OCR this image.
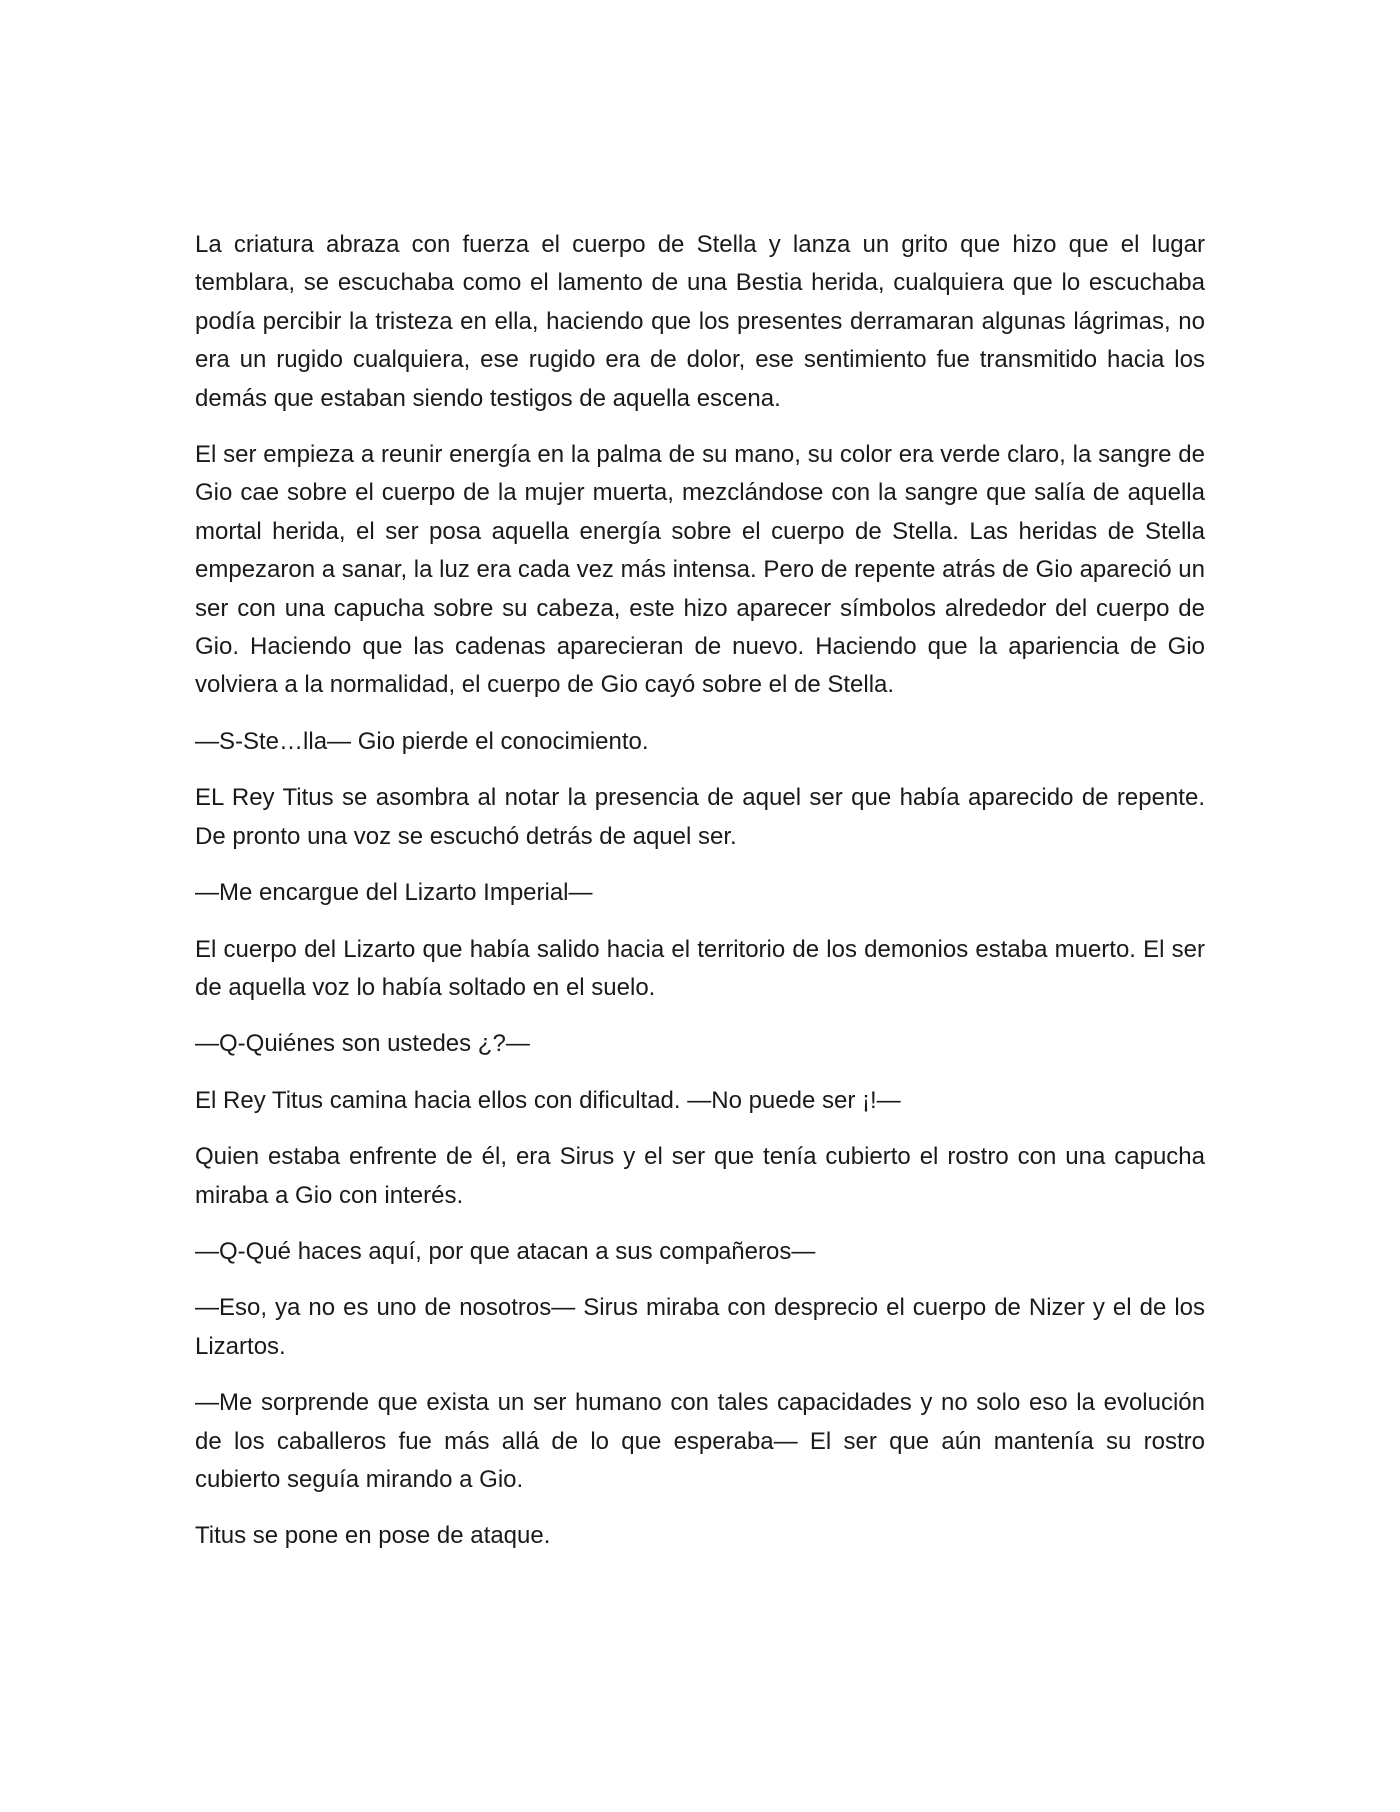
La criatura abraza con fuerza el cuerpo de Stella y lanza un grito que hizo que el lugar temblara, se escuchaba como el lamento de una Bestia herida, cualquiera que lo escuchaba podía percibir la tristeza en ella, haciendo que los presentes derramaran algunas lágrimas, no era un rugido cualquiera, ese rugido era de dolor, ese sentimiento fue transmitido hacia los demás que estaban siendo testigos de aquella escena.

El ser empieza a reunir energía en la palma de su mano, su color era verde claro, la sangre de Gio cae sobre el cuerpo de la mujer muerta, mezclándose con la sangre que salía de aquella mortal herida, el ser posa aquella energía sobre el cuerpo de Stella. Las heridas de Stella empezaron a sanar, la luz era cada vez más intensa. Pero de repente atrás de Gio apareció un ser con una capucha sobre su cabeza, este hizo aparecer símbolos alrededor del cuerpo de Gio. Haciendo que las cadenas aparecieran de nuevo. Haciendo que la apariencia de Gio volviera a la normalidad, el cuerpo de Gio cayó sobre el de Stella.

—S-Ste…lla— Gio pierde el conocimiento.

EL Rey Titus se asombra al notar la presencia de aquel ser que había aparecido de repente. De pronto una voz se escuchó detrás de aquel ser.

—Me encargue del Lizarto Imperial—

El cuerpo del Lizarto que había salido hacia el territorio de los demonios estaba muerto. El ser de aquella voz lo había soltado en el suelo.

—Q-Quiénes son ustedes ¿?—

El Rey Titus camina hacia ellos con dificultad. —No puede ser ¡!—

Quien estaba enfrente de él, era Sirus y el ser que tenía cubierto el rostro con una capucha miraba a Gio con interés.

—Q-Qué haces aquí, por que atacan a sus compañeros—

—Eso, ya no es uno de nosotros— Sirus miraba con desprecio el cuerpo de Nizer y el de los Lizartos.

—Me sorprende que exista un ser humano con tales capacidades y no solo eso la evolución de los caballeros fue más allá de lo que esperaba— El ser que aún mantenía su rostro cubierto seguía mirando a Gio.

Titus se pone en pose de ataque.
